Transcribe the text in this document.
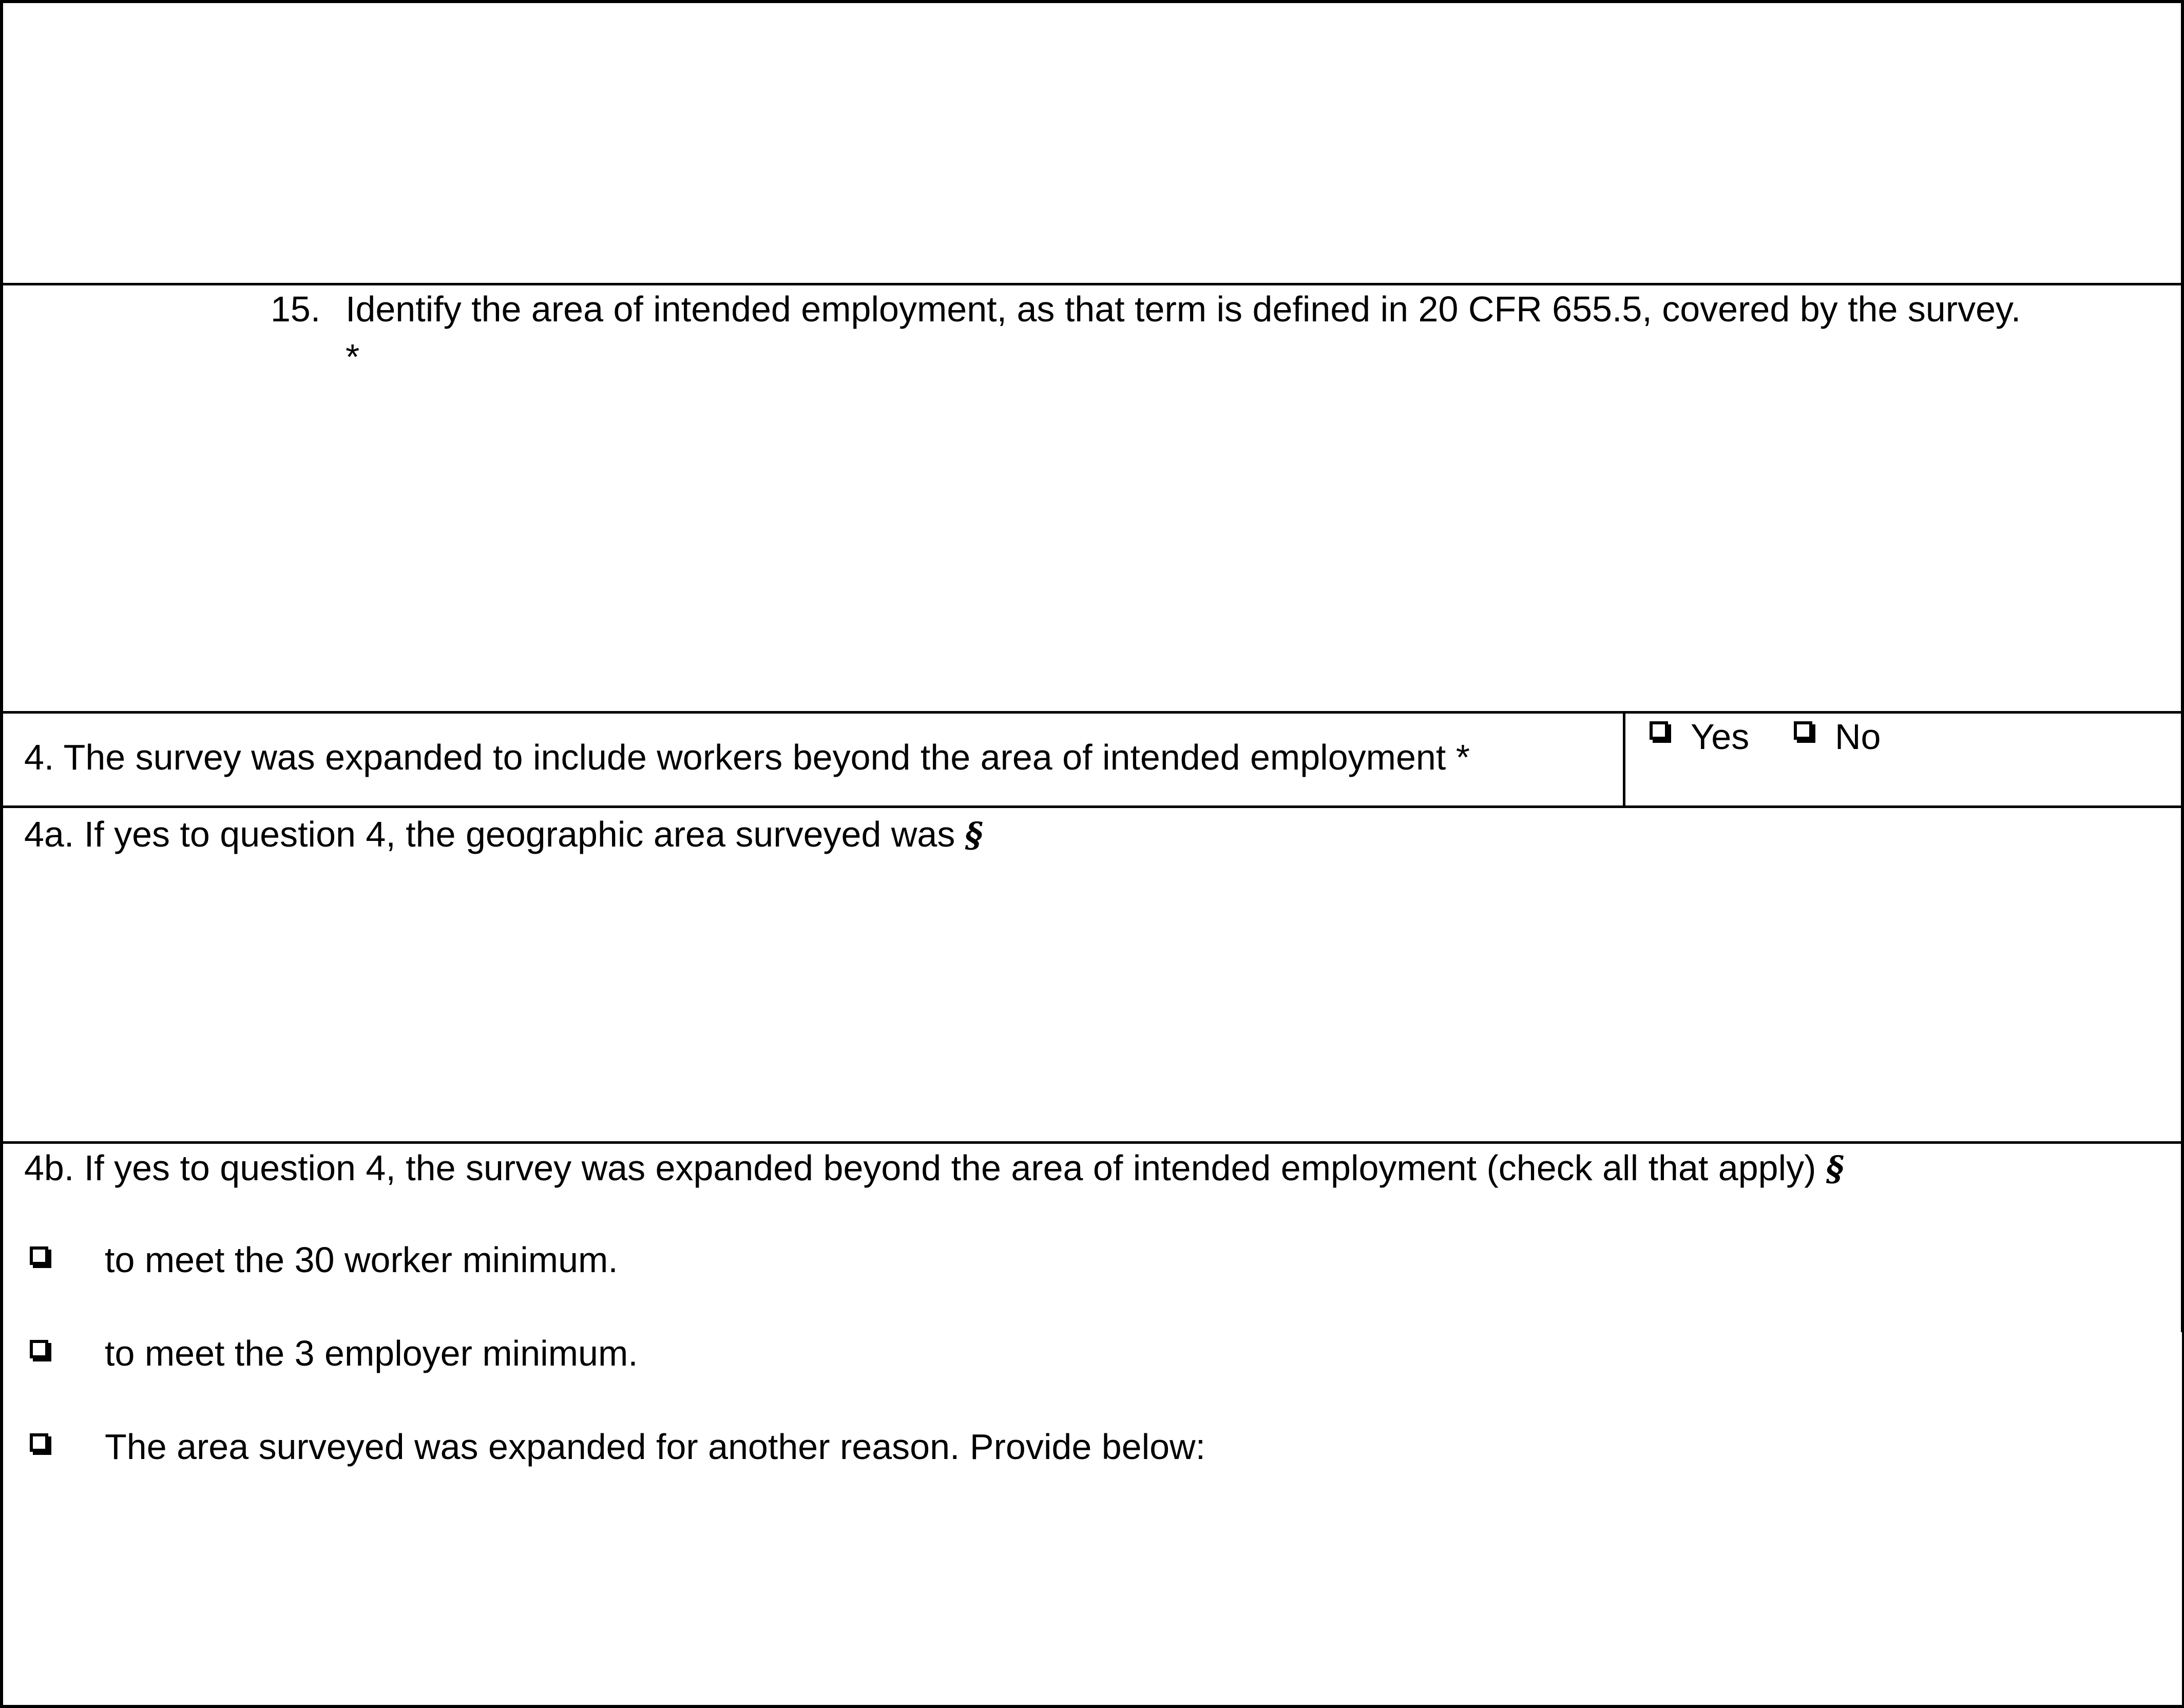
15. Identify the area of intended employment, as that term is defined in 20 CFR 655.5, covered by the survey.
*
4. The survey was expanded to include workers beyond the area of intended employment *
Yes No
4a. If yes to question 4, the geographic area surveyed was §
4b. If yes to question 4, the survey was expanded beyond the area of intended employment (check all that apply) §
to meet the 30 worker minimum.
to meet the 3 employer minimum.
The area surveyed was expanded for another reason. Provide below:
